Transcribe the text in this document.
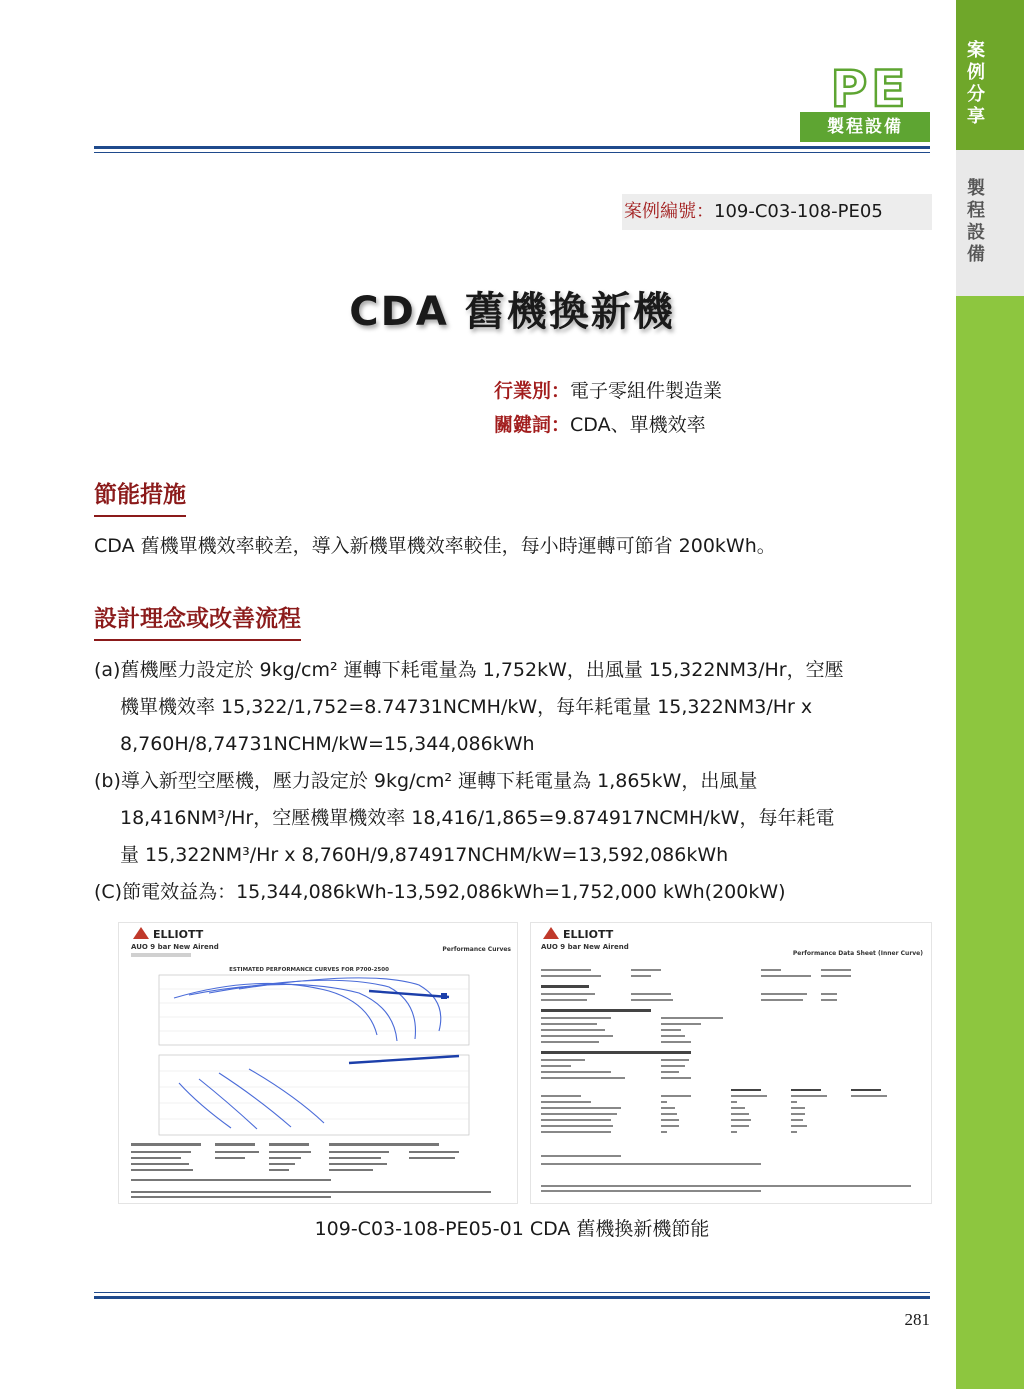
案例分享
製程設備
PE
製程設備
案例編號：109-C03-108-PE05
CDA 舊機換新機
行業別：電子零組件製造業
關鍵詞：CDA、單機效率
節能措施
CDA 舊機單機效率較差，導入新機單機效率較佳，每小時運轉可節省 200kWh。
設計理念或改善流程
(a)舊機壓力設定於 9kg/cm² 運轉下耗電量為 1,752kW，出風量 15,322NM3/Hr，空壓
機單機效率 15,322/1,752=8.74731NCMH/kW，每年耗電量 15,322NM3/Hr x
8,760H/8,74731NCHM/kW=15,344,086kWh
(b)導入新型空壓機，壓力設定於 9kg/cm² 運轉下耗電量為 1,865kW，出風量
18,416NM³/Hr，空壓機單機效率 18,416/1,865=9.874917NCMH/kW，每年耗電
量 15,322NM³/Hr x 8,760H/9,874917NCHM/kW=13,592,086kWh
(C)節電效益為：15,344,086kWh-13,592,086kWh=1,752,000 kWh(200kW)
ELLIOTT
AUO 9 bar New Airend	Performance Curves
ESTIMATED PERFORMANCE CURVES FOR P700-2500
ELLIOTT
AUO 9 bar New Airend
Performance Data Sheet (Inner Curve)
109-C03-108-PE05-01 CDA 舊機換新機節能
281
